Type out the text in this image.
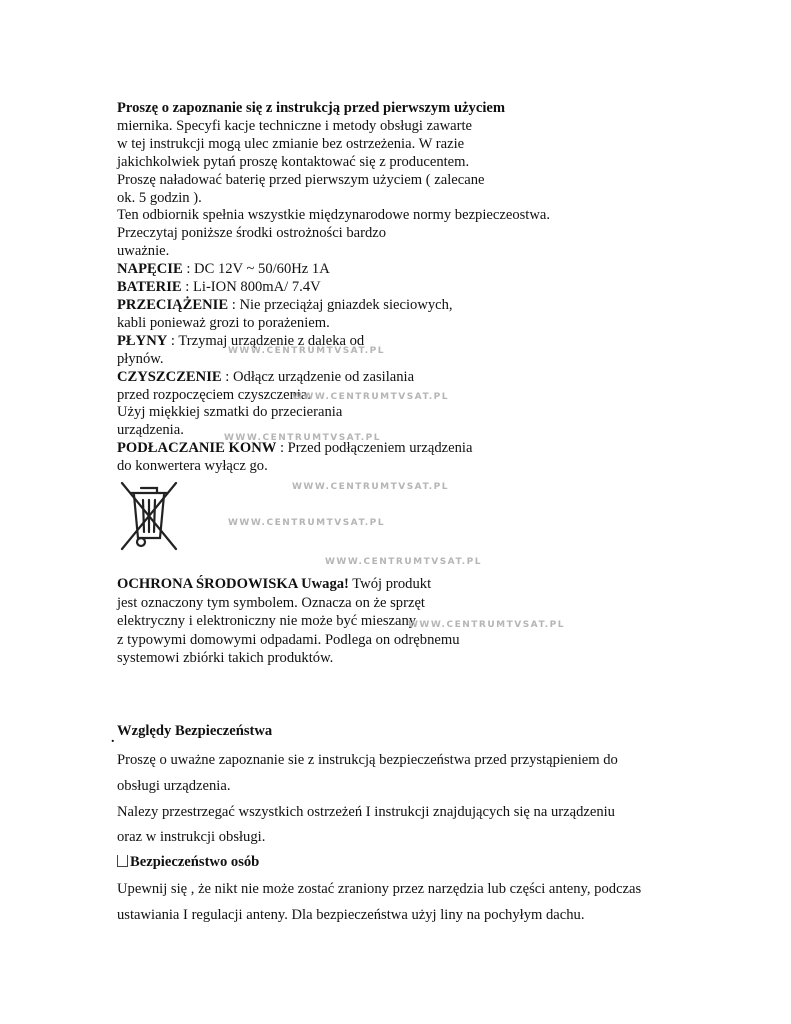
Proszę o zapoznanie się z instrukcją przed pierwszym użyciem

miernika. Specyfi kacje techniczne i metody obsługi zawarte

w tej instrukcji mogą ulec zmianie bez ostrzeżenia. W razie

jakichkolwiek pytań proszę kontaktować się z producentem.

Proszę naładować baterię przed pierwszym użyciem ( zalecane

ok. 5 godzin ).

Ten odbiornik spełnia wszystkie międzynarodowe normy bezpieczeostwa.

Przeczytaj poniższe środki ostrożności bardzo

uważnie.

NAPĘCIE : DC 12V ~ 50/60Hz 1A

BATERIE : Li-ION 800mA/ 7.4V

PRZECIĄŻENIE : Nie przeciążaj gniazdek sieciowych,

kabli ponieważ grozi to porażeniem.

PŁYNY : Trzymaj urządzenie z daleka od

płynów.

CZYSZCZENIE : Odłącz urządzenie od zasilania

przed rozpoczęciem czyszczenia.

Użyj miękkiej szmatki do przecierania

urządzenia.

PODŁACZANIE KONW : Przed podłączeniem urządzenia

do konwertera wyłącz go.

OCHRONA ŚRODOWISKA Uwaga! Twój produkt

jest oznaczony tym symbolem. Oznacza on że sprzęt

elektryczny i elektroniczny nie może być mieszany

z typowymi domowymi odpadami. Podlega on odrębnemu

systemowi zbiórki takich produktów.

WWW.CENTRUMTVSAT.PL
WWW.CENTRUMTVSAT.PL
WWW.CENTRUMTVSAT.PL
WWW.CENTRUMTVSAT.PL
WWW.CENTRUMTVSAT.PL
WWW.CENTRUMTVSAT.PL
WWW.CENTRUMTVSAT.PL
. Względy Bezpieczeństwa

Proszę o uważne zapoznanie sie z instrukcją bezpieczeństwa przed przystąpieniem do

obsługi urządzenia.

Nalezy przestrzegać wszystkich ostrzeżeń I instrukcji znajdujących się na urządzeniu

oraz w instrukcji obsługi.

Bezpieczeństwo osób

Upewnij się , że nikt nie może zostać zraniony przez narzędzia lub części anteny, podczas

ustawiania I regulacji anteny. Dla bezpieczeństwa użyj liny na pochyłym dachu.
